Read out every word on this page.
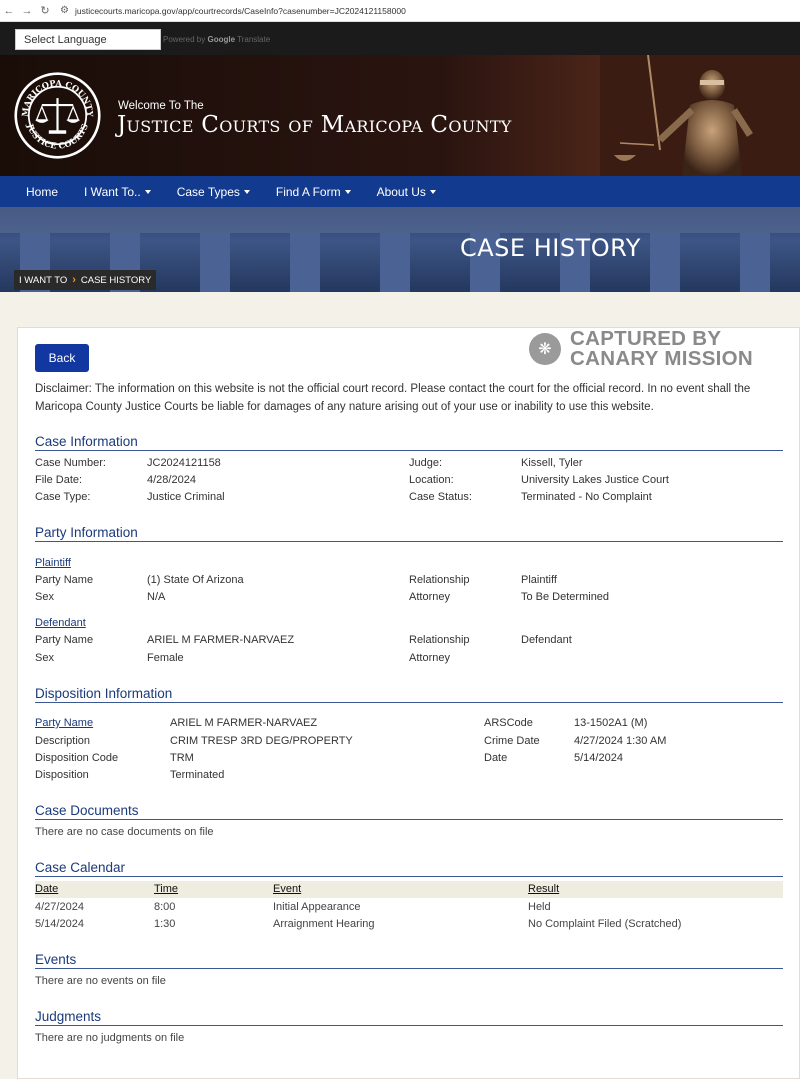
← → ↻	⚙ justicecourts.maricopa.gov/app/courtrecords/CaseInfo?casenumber=JC2024121158000
Select Language	Powered by Google Translate
MARICOPA COUNTY
JUSTICE COURTS
Welcome To The
Justice Courts of Maricopa County
Home I Want To..	Case Types	Find A Form	About Us
CASE HISTORY
I WANT TO › CASE HISTORY
Back	❋ CAPTURED BY
CANARY MISSION
Disclaimer: The information on this website is not the official court record. Please contact the court for the official record. In no event shall the Maricopa County Justice Courts be liable for damages of any nature arising out of your use or inability to use this website.
Case Information
Case Number:	JC2024121158
File Date:	4/28/2024
Case Type:	Justice Criminal
Judge:	Kissell, Tyler
Location:	University Lakes Justice Court
Case Status:	Terminated - No Complaint
Party Information
Plaintiff
Party Name	(1) State Of Arizona
Sex	N/A
Relationship	Plaintiff
Attorney	To Be Determined
Defendant
Party Name	ARIEL M FARMER-NARVAEZ
Sex	Female
Relationship	Defendant
Attorney
Disposition Information
Party Name	ARIEL M FARMER-NARVAEZ
Description	CRIM TRESP 3RD DEG/PROPERTY
Disposition Code	TRM
Disposition	Terminated
ARSCode	13-1502A1 (M)
Crime Date	4/27/2024 1:30 AM
Date	5/14/2024
Case Documents
There are no case documents on file
Case Calendar
Date	Time	Event	Result
4/27/2024	8:00	Initial Appearance	Held
5/14/2024	1:30	Arraignment Hearing	No Complaint Filed (Scratched)
Events
There are no events on file
Judgments
There are no judgments on file
